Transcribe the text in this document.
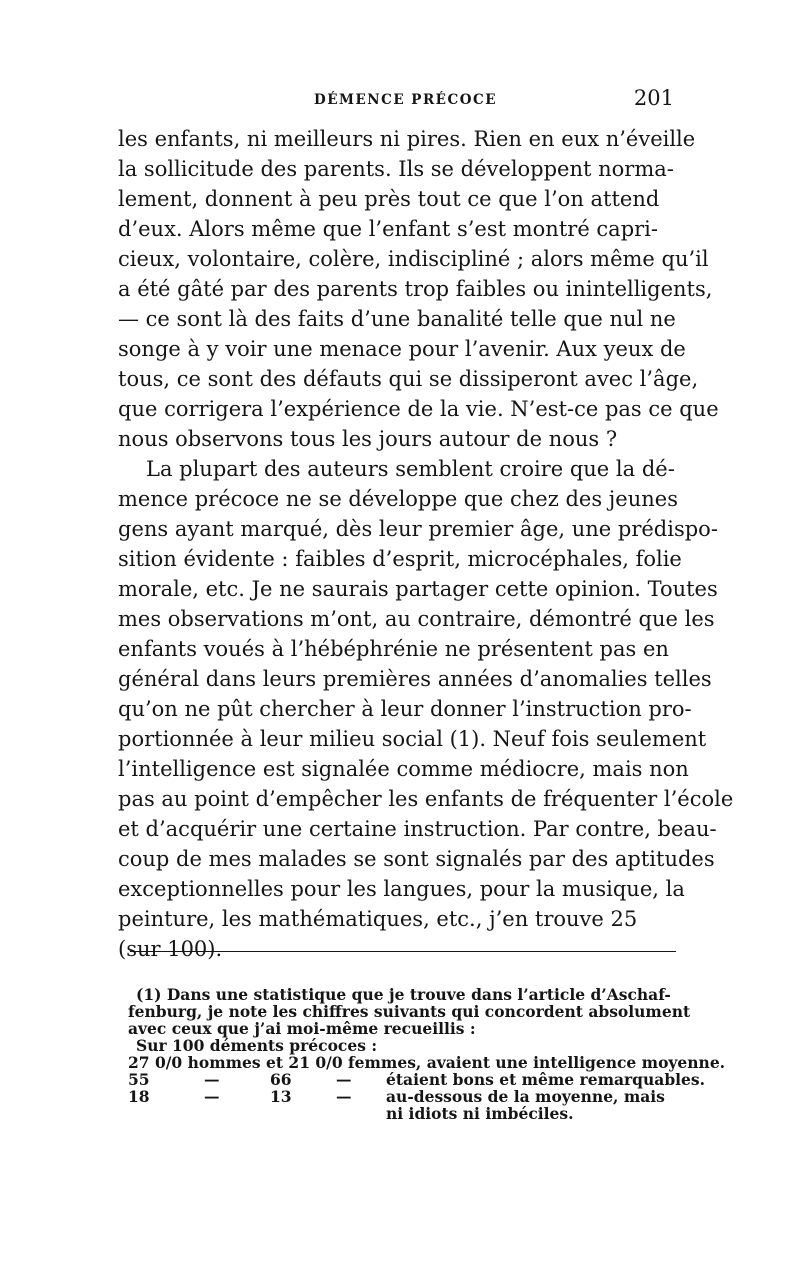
DÉMENCE PRÉCOCE	201

les enfants, ni meilleurs ni pires. Rien en eux n’éveille

la sollicitude des parents. Ils se développent norma-

lement, donnent à peu près tout ce que l’on attend

d’eux. Alors même que l’enfant s’est montré capri-

cieux, volontaire, colère, indiscipliné ; alors même qu’il

a été gâté par des parents trop faibles ou inintelligents,

— ce sont là des faits d’une banalité telle que nul ne

songe à y voir une menace pour l’avenir. Aux yeux de

tous, ce sont des défauts qui se dissiperont avec l’âge,

que corrigera l’expérience de la vie. N’est-ce pas ce que

nous observons tous les jours autour de nous ?

La plupart des auteurs semblent croire que la dé-

mence précoce ne se développe que chez des jeunes

gens ayant marqué, dès leur premier âge, une prédispo-

sition évidente : faibles d’esprit, microcéphales, folie

morale, etc. Je ne saurais partager cette opinion. Toutes

mes observations m’ont, au contraire, démontré que les

enfants voués à l’hébéphrénie ne présentent pas en

général dans leurs premières années d’anomalies telles

qu’on ne pût chercher à leur donner l’instruction pro-

portionnée à leur milieu social (1). Neuf fois seulement

l’intelligence est signalée comme médiocre, mais non

pas au point d’empêcher les enfants de fréquenter l’école

et d’acquérir une certaine instruction. Par contre, beau-

coup de mes malades se sont signalés par des aptitudes

exceptionnelles pour les langues, pour la musique, la

peinture, les mathématiques, etc., j’en trouve 25

(sur 100).

(1) Dans une statistique que je trouve dans l’article d’Aschaf-

fenburg, je note les chiffres suivants qui concordent absolument

avec ceux que j’ai moi-même recueillis :

Sur 100 déments précoces :

27 0/0 hommes et 21 0/0 femmes, avaient une intelligence moyenne.

55	—	66	— étaient bons et même remarquables.
18	—	13	— au-dessous de la moyenne, mais

ni idiots ni imbéciles.
